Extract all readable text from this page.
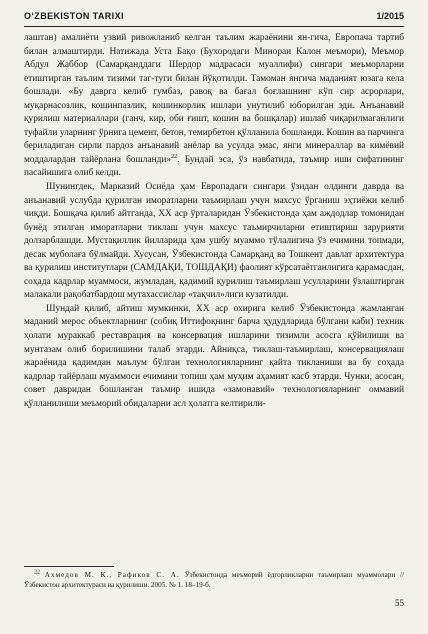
O‘ZBEKISTON TARIXI	1/2015

лаштан) амалиёти узвий ривожланиб келган таълим жараёнини ян-гича, Европача тартиб билан алмаштирди. Натижада Уста Бақо (Бухородаги Минораи Калон меъмори), Меъмор Абдул Жаббор (Самарқанддаги Шердор мадрасаси муаллифи) сингари меъморларни етиштирган таълим тизими таг-туги билан йўқотилди. Тамоман янгича маданият юзага кела бошлади. «Бу даврга келиб гумбаз, равоқ ва бағал боғлашнинг кўп сир асрорлари, муқарнасозлик, кошинпазлик, кошинкорлик ишлари унутилиб юборилган эди. Анъанавий қурилиш материаллари (ганч, кир, оби ғишт, кошин ва бошқалар) ишлаб чиқарилмаганлиги туфайли уларнинг ўрнига цемент, бетон, темирбетон қўлланила бошланди. Кошин ва парчинга бериладиган сирли пардоз анъанавий анёлар ва усулда эмас, янги минераллар ва кимёвий моддалардан тайёрлана бошланди»$^{22}$. Бундай эса, ўз навбатида, таъмир иши сифатининг пасайишига олиб келди.

Шунингдек, Марказий Осиёда ҳам Европадаги сингари ўзидан олдинги даврда ва анъанавий услубда қурилган иморатларни таъмирлаш учун махсус ўрганиш эҳтиёжи келиб чиқди. Бошқача қилиб айтганда, XX аср ўрталаридан Ўзбекистонда ҳам аждодлар томонидан бунёд этилган иморатларни тиклаш учун махсус таъмирчиларни етиштириш зарурияти долзарблашди. Мустақиллик йилларида ҳам ушбу муаммо тўлалигича ўз ечимини топмади, десак муболаға бўлмайди. Хусусан, Ўзбекистонда Самарқанд ва Тошкент давлат архитектура ва қурилиш институтлари (САМДАҚИ, ТОШДАҚИ) фаолият кўрсатаётганлигига қарамасдан, соҳада кадрлар муаммоси, жумладан, қадимий қурилиш таъмирлаш усулларини ўзлаштирган малакали рақобатбардош мутахассислар «тақчил»лиги кузатилди.

Шундай қилиб, айтиш мумкинки, XX аср охирига келиб Ўзбекистонда жамланган маданий мерос объектларнинг (собиқ Иттифоқнинг барча ҳудудларида бўлгани каби) техник ҳолати мураккаб реставрация ва консервация ишларини тизимли асосга қўйилиши ва мунтазам олиб борилишини талаб этарди. Айниқса, тиклаш-таъмирлаш, консервациялаш жараёнида қадимдан маълум бўлган технологияларнинг қайта тикланиши ва бу соҳада кадрлар тайёрлаш муаммоси ечимини топиш ҳам муҳим аҳамият касб этарди. Чунки, асосан, совет давридан бошланган таъмир ишида «замонавий» технологияларнинг оммавий қўлланилиши меъморий обидаларни асл ҳолатга келтирили-

$^{22}$ Ахмедов М. К., Рафиков С. А. Ўзбекистонда меъморий ёдгорликларни таъмирлаш муаммолари // Ўзбекистон архитектураси ва қурилиши. 2005. № 1. 18–19-б.
55
